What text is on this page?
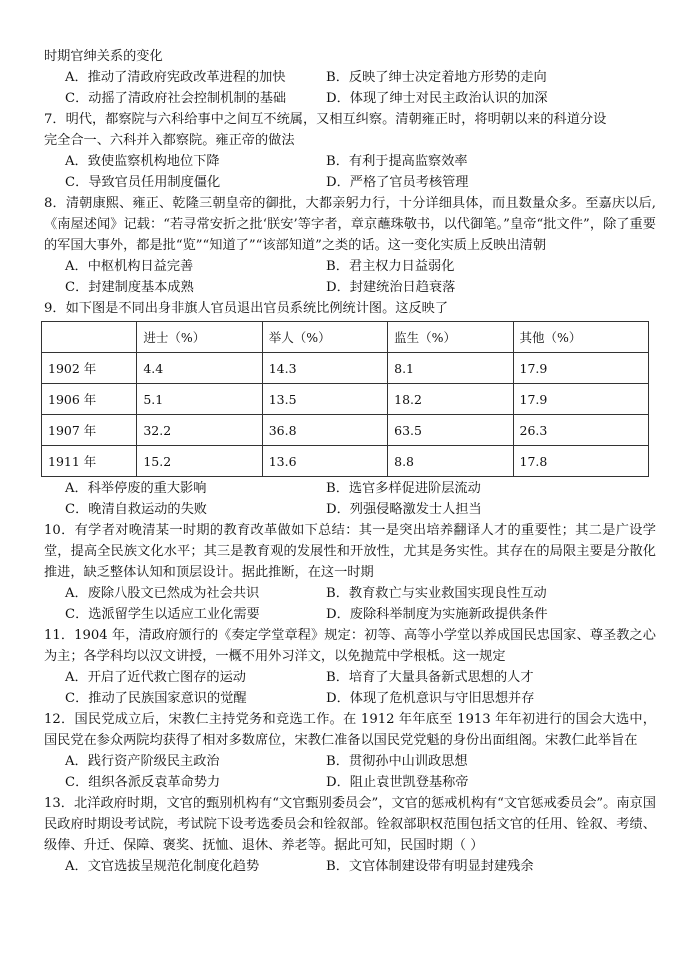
时期官绅关系的变化
A．推动了清政府宪政改革进程的加快	B．反映了绅士决定着地方形势的走向
C．动摇了清政府社会控制机制的基础	D．体现了绅士对民主政治认识的加深
7．明代，都察院与六科给事中之间互不统属，又相互纠察。清朝雍正时，将明朝以来的科道分设
完全合一、六科并入都察院。雍正帝的做法
A．致使监察机构地位下降	B．有利于提高监察效率
C．导致官员任用制度僵化	D．严格了官员考核管理
8．清朝康熙、雍正、乾隆三朝皇帝的御批，大都亲躬力行，十分详细具体，而且数量众多。至嘉庆以后,《南屋述闻》记载：“若寻常安折之批‘朕安’等字者，章京蘸珠敬书，以代御笔。”皇帝“批文件”，除了重要的军国大事外，都是批“览”“知道了”“该部知道”之类的话。这一变化实质上反映出清朝
A．中枢机构日益完善	B．君主权力日益弱化
C．封建制度基本成熟	D．封建统治日趋衰落
9．如下图是不同出身非旗人官员退出官员系统比例统计图。这反映了
	进士（%）	举人（%）	监生（%）	其他（%）
1902 年	4.4	14.3	8.1	17.9
1906 年	5.1	13.5	18.2	17.9
1907 年	32.2	36.8	63.5	26.3
1911 年	15.2	13.6	8.8	17.8
A．科举停废的重大影响	B．选官多样促进阶层流动
C．晚清自救运动的失败	D．列强侵略激发士人担当
10．有学者对晚清某一时期的教育改革做如下总结：其一是突出培养翻译人才的重要性；其二是广设学堂，提高全民族文化水平；其三是教育观的发展性和开放性，尤其是务实性。其存在的局限主要是分散化推进，缺乏整体认知和顶层设计。据此推断，在这一时期
A．废除八股文已然成为社会共识	B．教育救亡与实业救国实现良性互动
C．选派留学生以适应工业化需要	D．废除科举制度为实施新政提供条件
11．1904 年，清政府颁行的《奏定学堂章程》规定：初等、高等小学堂以养成国民忠国家、尊圣教之心为主；各学科均以汉文讲授，一概不用外习洋文，以免抛荒中学根柢。这一规定
A．开启了近代救亡图存的运动	B．培育了大量具备新式思想的人才
C．推动了民族国家意识的觉醒	D．体现了危机意识与守旧思想并存
12．国民党成立后，宋教仁主持党务和竞选工作。在 1912 年年底至 1913 年年初进行的国会大选中，国民党在参众两院均获得了相对多数席位，宋教仁准备以国民党党魁的身份出面组阁。宋教仁此举旨在
A．践行资产阶级民主政治	B．贯彻孙中山训政思想
C．组织各派反袁革命势力	D．阻止袁世凯登基称帝
13．北洋政府时期，文官的甄别机构有“文官甄别委员会”，文官的惩戒机构有“文官惩戒委员会”。南京国民政府时期设考试院，考试院下设考选委员会和铨叙部。铨叙部职权范围包括文官的任用、铨叙、考绩、级俸、升迁、保障、褒奖、抚恤、退休、养老等。据此可知，民国时期（ ）
A．文官选拔呈规范化制度化趋势	B．文官体制建设带有明显封建残余
